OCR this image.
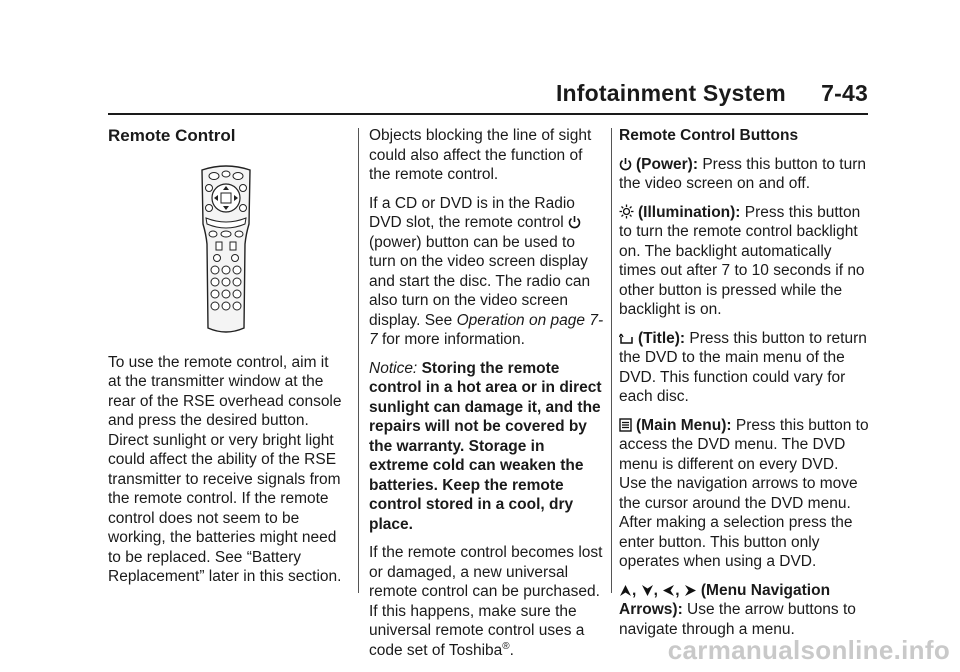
Infotainment System 7-43
Remote Control

To use the remote control, aim it at the transmitter window at the rear of the RSE overhead console and press the desired button. Direct sunlight or very bright light could affect the ability of the RSE transmitter to receive signals from the remote control. If the remote control does not seem to be working, the batteries might need to be replaced. See “Battery Replacement” later in this section.

Objects blocking the line of sight could also affect the function of the remote control.

If a CD or DVD is in the Radio DVD slot, the remote control (power) button can be used to turn on the video screen display and start the disc. The radio can also turn on the video screen display. See Operation on page 7-7 for more information.

Notice: Storing the remote control in a hot area or in direct sunlight can damage it, and the repairs will not be covered by the warranty. Storage in extreme cold can weaken the batteries. Keep the remote control stored in a cool, dry place.

If the remote control becomes lost or damaged, a new universal remote control can be purchased. If this happens, make sure the universal remote control uses a code set of Toshiba®.

Remote Control Buttons

(Power): Press this button to turn the video screen on and off.

(Illumination): Press this button to turn the remote control backlight on. The backlight automatically times out after 7 to 10 seconds if no other button is pressed while the backlight is on.

(Title): Press this button to return the DVD to the main menu of the DVD. This function could vary for each disc.

(Main Menu): Press this button to access the DVD menu. The DVD menu is different on every DVD. Use the navigation arrows to move the cursor around the DVD menu. After making a selection press the enter button. This button only operates when using a DVD.

, , , (Menu Navigation Arrows): Use the arrow buttons to navigate through a menu.

carmanualsonline.info
